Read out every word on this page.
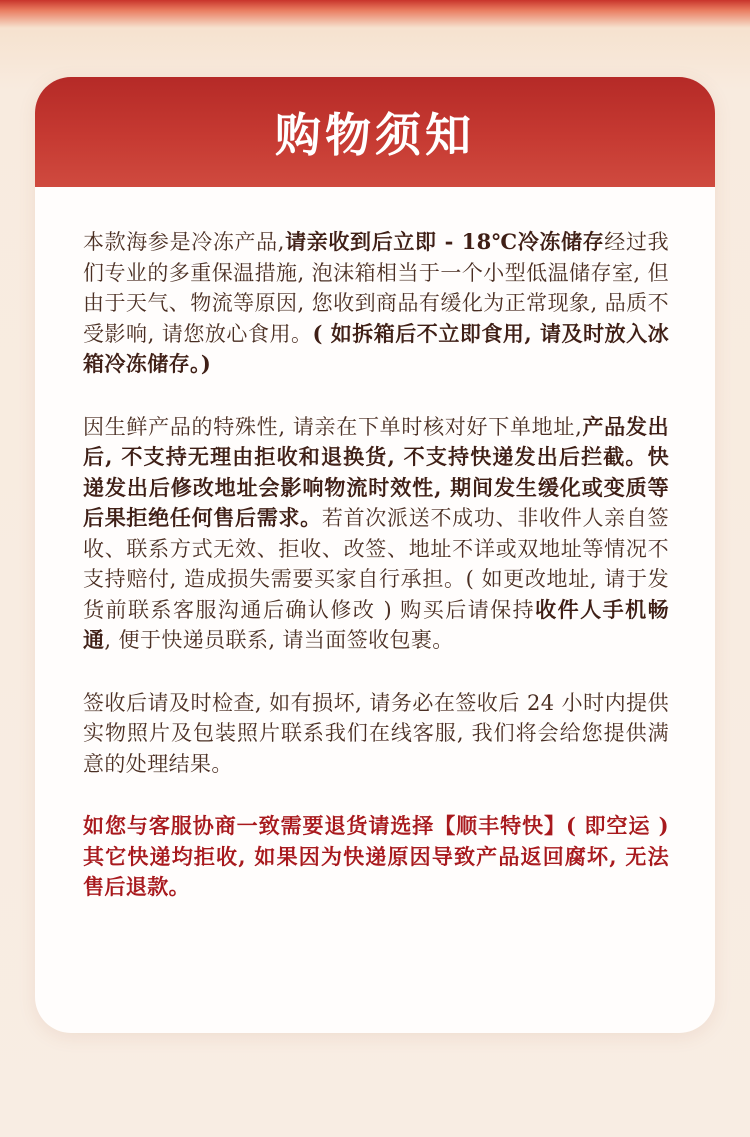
购物须知

本款海参是冷冻产品,请亲收到后立即 - 18℃冷冻储存经过我们专业的多重保温措施, 泡沫箱相当于一个小型低温储存室, 但由于天气、物流等原因, 您收到商品有缓化为正常现象, 品质不受影响, 请您放心食用。( 如拆箱后不立即食用, 请及时放入冰箱冷冻储存。)

因生鲜产品的特殊性, 请亲在下单时核对好下单地址,产品发出后, 不支持无理由拒收和退换货, 不支持快递发出后拦截。快递发出后修改地址会影响物流时效性, 期间发生缓化或变质等后果拒绝任何售后需求。若首次派送不成功、非收件人亲自签收、联系方式无效、拒收、改签、地址不详或双地址等情况不支持赔付, 造成损失需要买家自行承担。( 如更改地址, 请于发货前联系客服沟通后确认修改 ) 购买后请保持收件人手机畅通, 便于快递员联系, 请当面签收包裹。

签收后请及时检查, 如有损坏, 请务必在签收后 24 小时内提供实物照片及包装照片联系我们在线客服, 我们将会给您提供满意的处理结果。

如您与客服协商一致需要退货请选择【顺丰特快】( 即空运 ) 其它快递均拒收, 如果因为快递原因导致产品返回腐坏, 无法售后退款。
